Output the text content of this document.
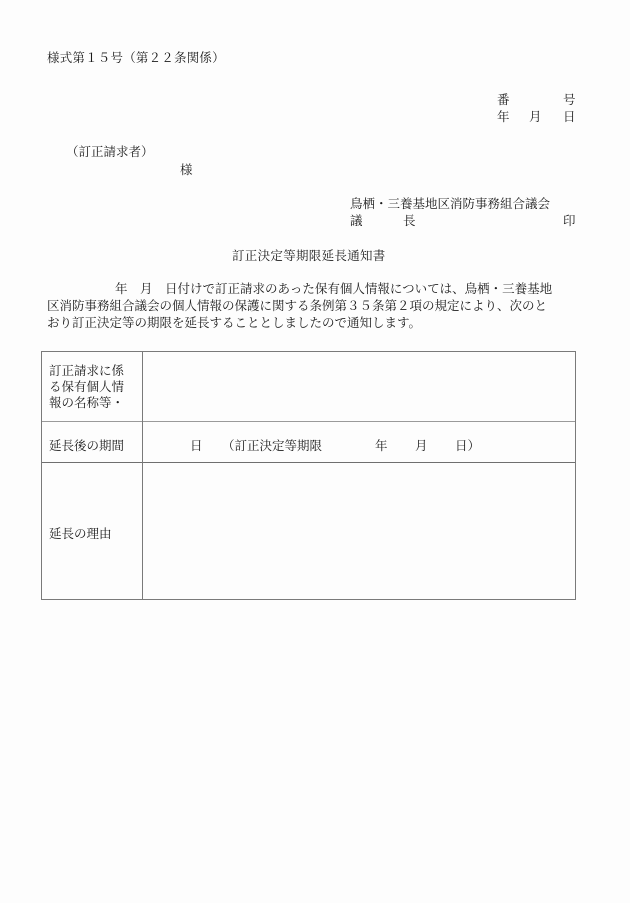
様式第１５号（第２２条関係）
番	号
年 月 日
（訂正請求者）
様
鳥栖・三養基地区消防事務組合議会
議	長	印
訂正決定等期限延長通知書
年　月　日付けで訂正請求のあった保有個人情報については、鳥栖・三養基地
区消防事務組合議会の個人情報の保護に関する条例第３５条第２項の規定により、次のと
おり訂正決定等の期限を延長することとしましたので通知します。
訂正請求に係
る保有個人情
報の名称等・
延長後の期間	日 （訂正決定等期限	年 月 日）
延長の理由
